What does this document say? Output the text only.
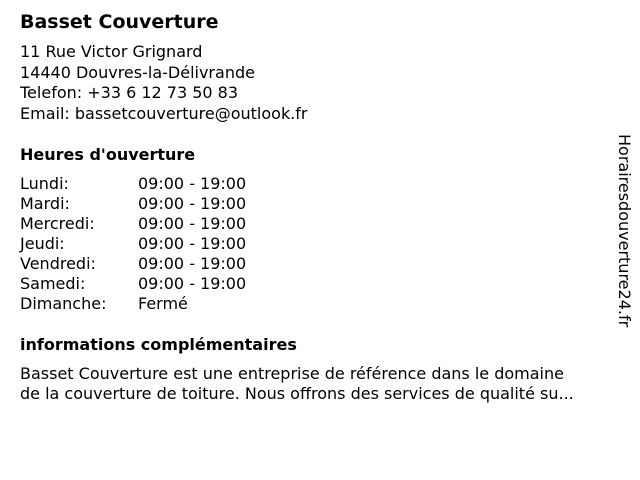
Basset Couverture
11 Rue Victor Grignard
14440 Douvres-la-Délivrande
Telefon: +33 6 12 73 50 83
Email: bassetcouverture@outlook.fr
Heures d'ouverture
Lundi:	09:00 - 19:00
Mardi:	09:00 - 19:00
Mercredi:	09:00 - 19:00
Jeudi:	09:00 - 19:00
Vendredi:	09:00 - 19:00
Samedi:	09:00 - 19:00
Dimanche:	Fermé
informations complémentaires
Basset Couverture est une entreprise de référence dans le domaine
de la couverture de toiture. Nous offrons des services de qualité su...
Horairesdouverture24.fr
